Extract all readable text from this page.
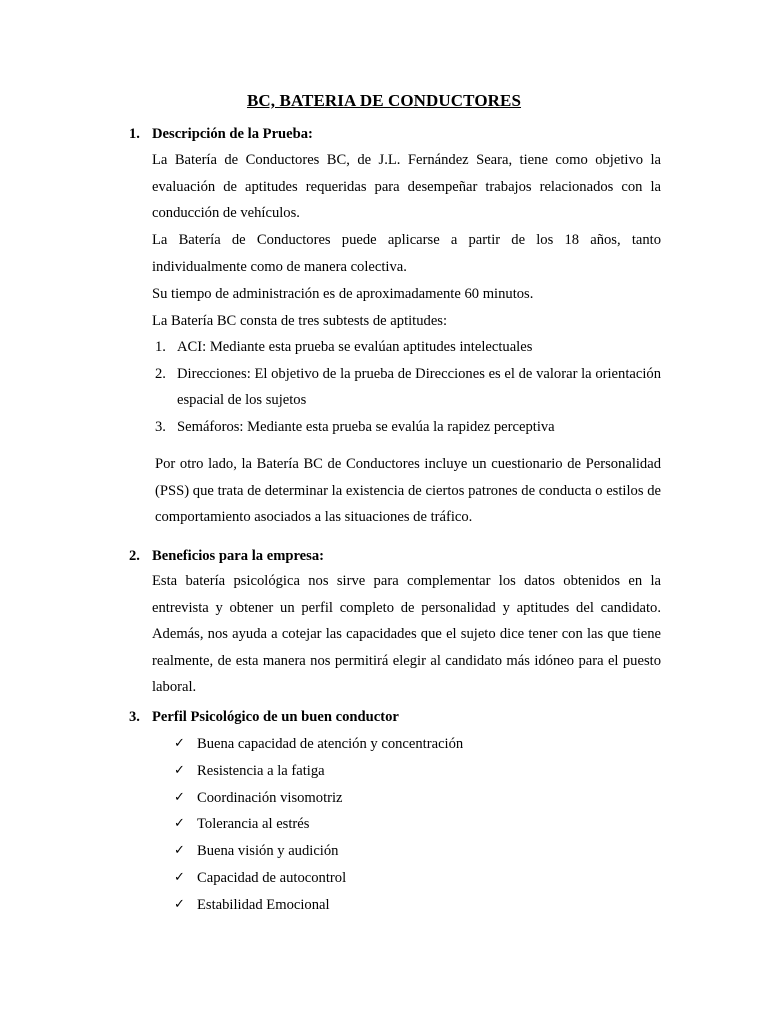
BC, BATERIA DE CONDUCTORES
1. Descripción de la Prueba:

La Batería de Conductores BC, de J.L. Fernández Seara, tiene como objetivo la evaluación de aptitudes requeridas para desempeñar trabajos relacionados con la conducción de vehículos.

La Batería de Conductores puede aplicarse a partir de los 18 años, tanto individualmente como de manera colectiva.

Su tiempo de administración es de aproximadamente 60 minutos.
La Batería BC consta de tres subtests de aptitudes:
1. ACI: Mediante esta prueba se evalúan aptitudes intelectuales
2. Direcciones: El objetivo de la prueba de Direcciones es el de valorar la orientación espacial de los sujetos
3. Semáforos: Mediante esta prueba se evalúa la rapidez perceptiva

Por otro lado, la Batería BC de Conductores incluye un cuestionario de Personalidad (PSS) que trata de determinar la existencia de ciertos patrones de conducta o estilos de comportamiento asociados a las situaciones de tráfico.

2. Beneficios para la empresa:

Esta batería psicológica nos sirve para complementar los datos obtenidos en la entrevista y obtener un perfil completo de personalidad y aptitudes del candidato. Además, nos ayuda a cotejar las capacidades que el sujeto dice tener con las que tiene realmente, de esta manera nos permitirá elegir al candidato más idóneo para el puesto laboral.

3. Perfil Psicológico de un buen conductor
✓ Buena capacidad de atención y concentración
✓ Resistencia a la fatiga
✓ Coordinación visomotriz
✓ Tolerancia al estrés
✓ Buena visión y audición
✓ Capacidad de autocontrol
✓ Estabilidad Emocional
